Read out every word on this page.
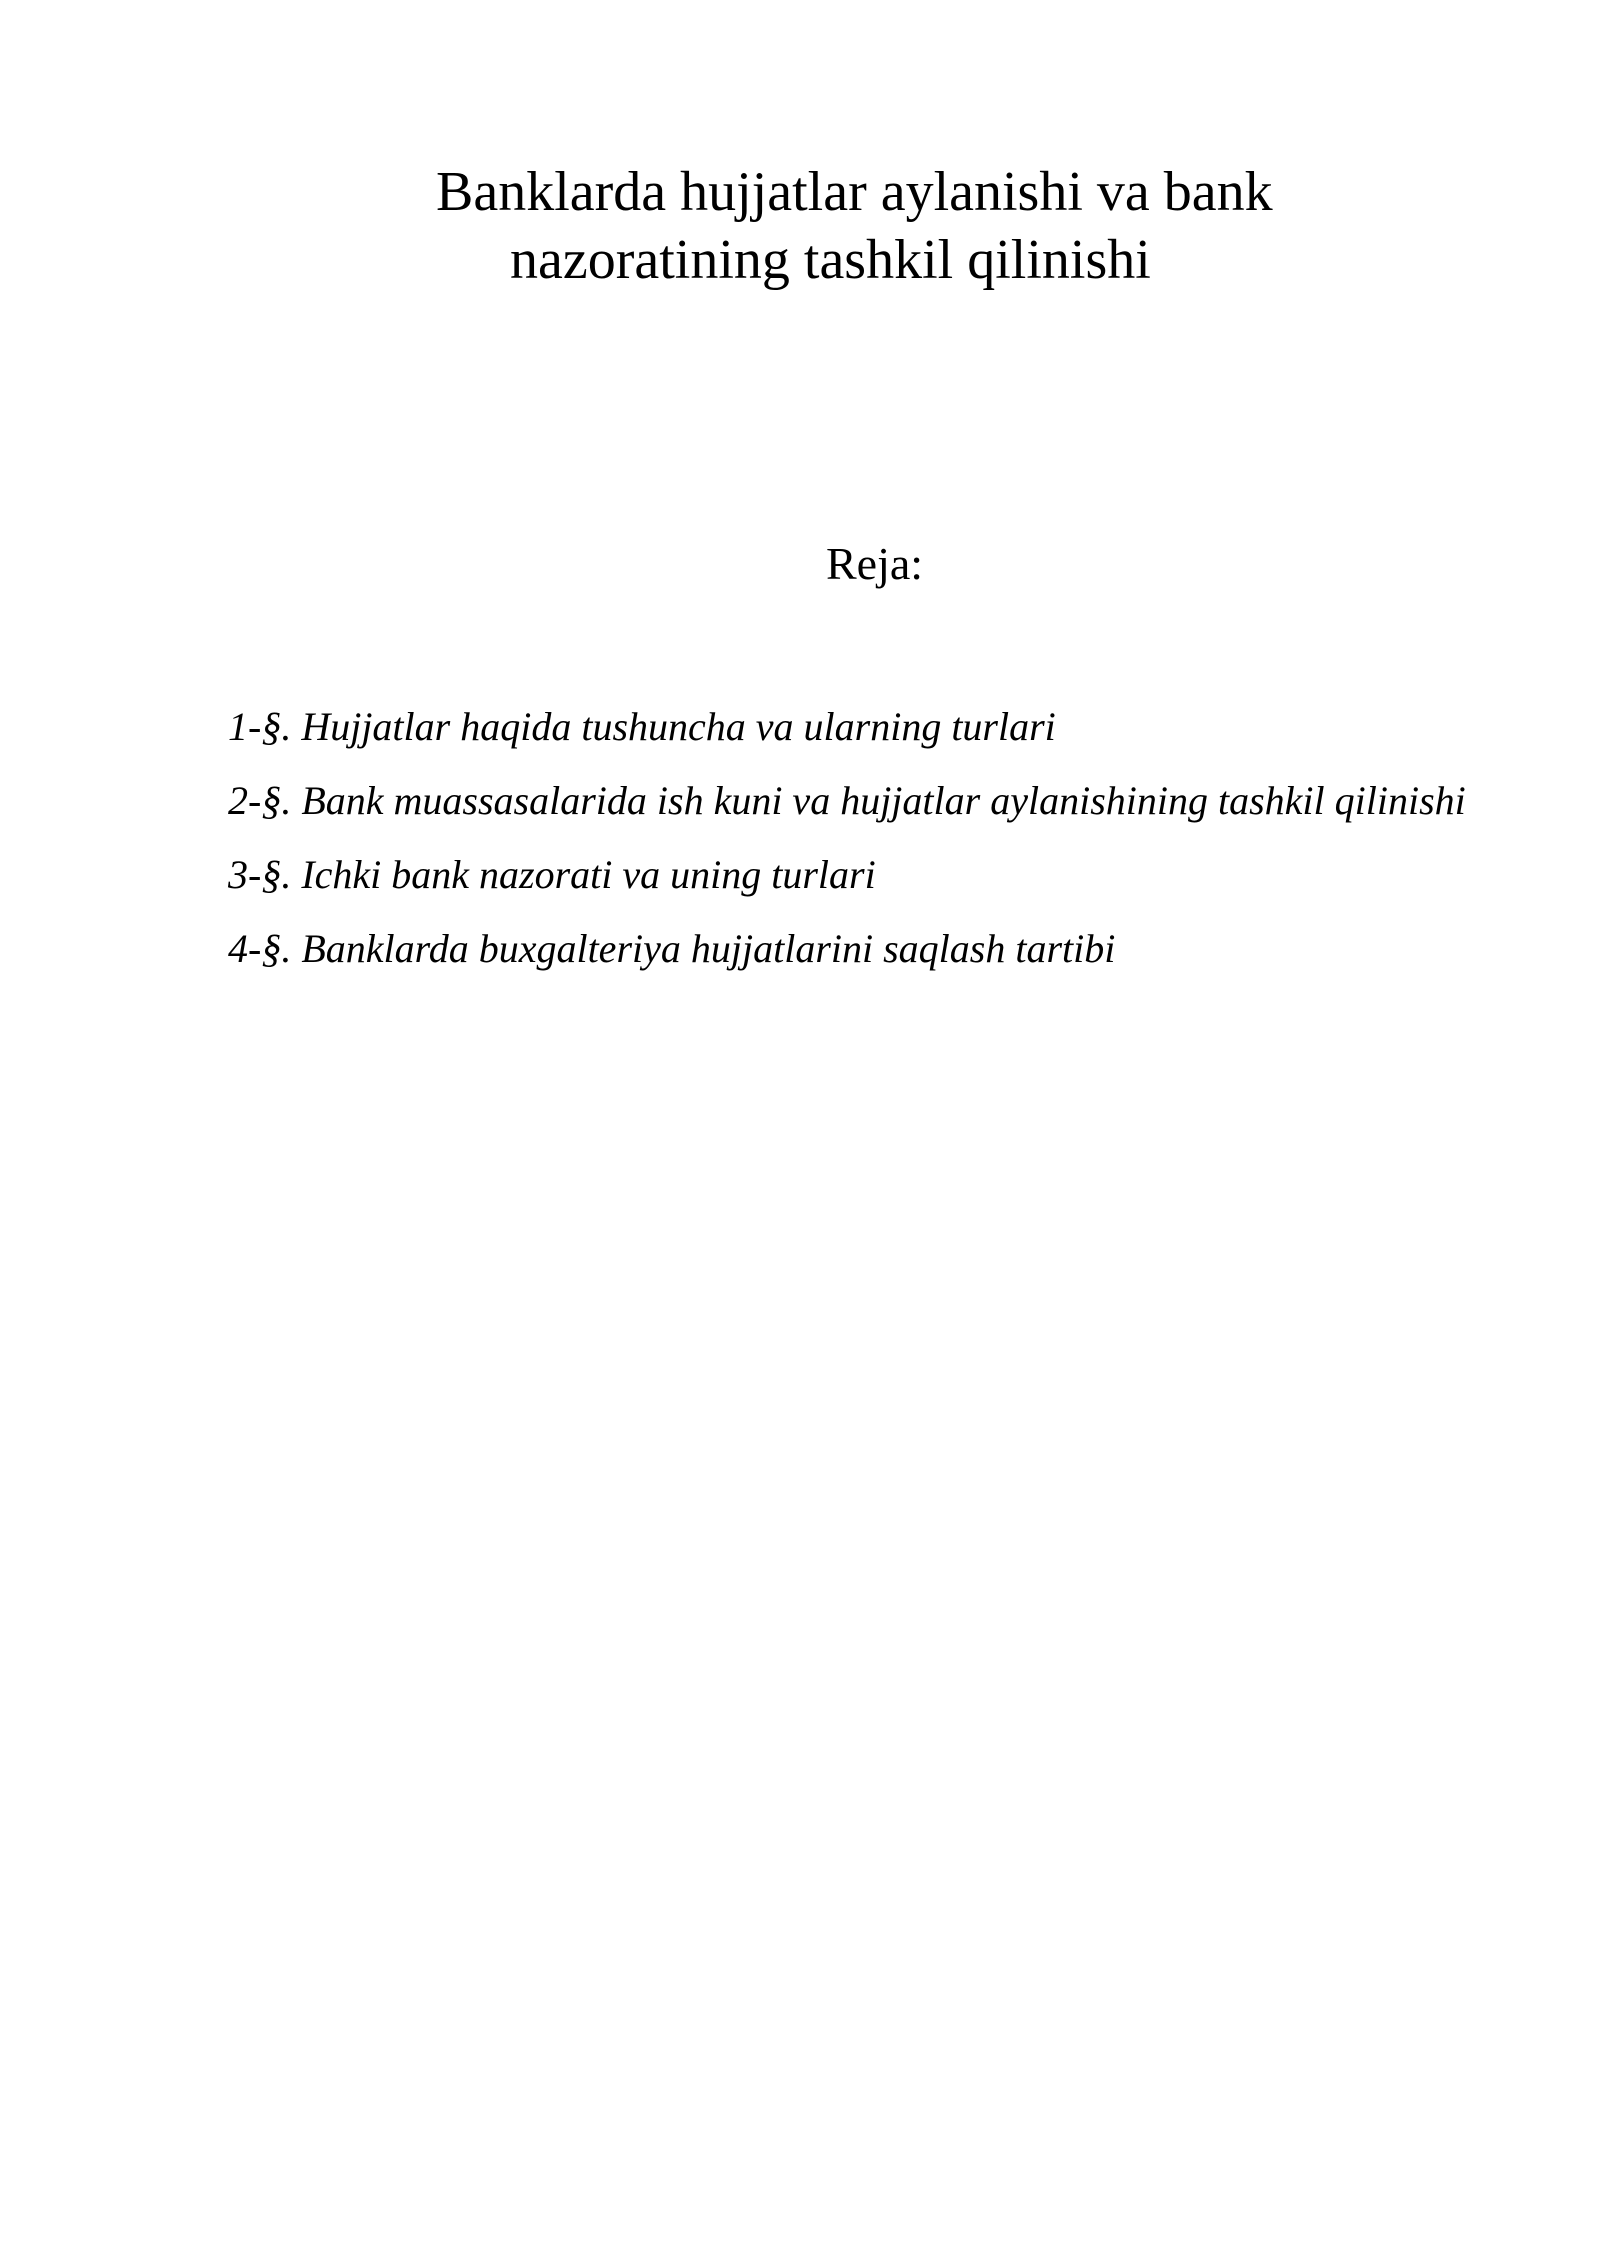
Banklarda hujjatlar aylanishi va bank
nazoratining tashkil qilinishi
Reja:
1-§. Hujjatlar haqida tushuncha va ularning turlari
2-§. Bank muassasalarida ish kuni va hujjatlar aylanishining tashkil qilinishi
3-§. Ichki bank nazorati va uning turlari
4-§. Banklarda buxgalteriya hujjatlarini saqlash tartibi
